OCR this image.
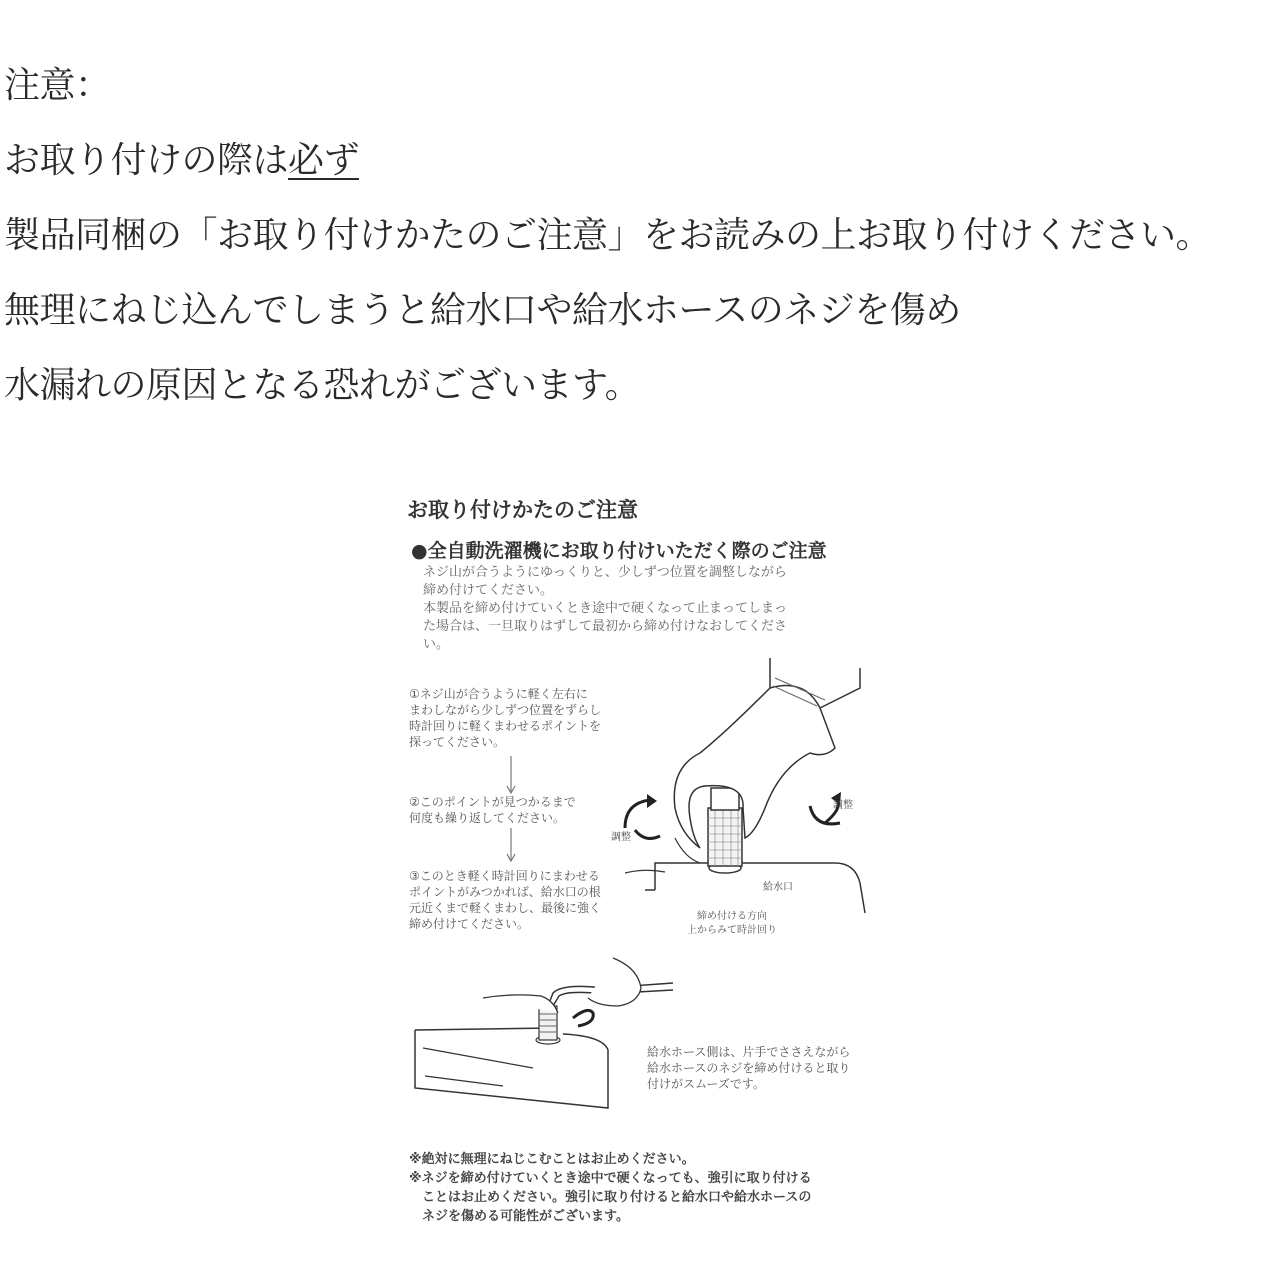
注意：
お取り付けの際は必ず
製品同梱の「お取り付けかたのご注意」をお読みの上お取り付けください。
無理にねじ込んでしまうと給水口や給水ホースのネジを傷め
水漏れの原因となる恐れがございます。
お取り付けかたのご注意
●全自動洗濯機にお取り付けいただく際のご注意
ネジ山が合うようにゆっくりと、少しずつ位置を調整しながら
締め付けてください。
本製品を締め付けていくとき途中で硬くなって止まってしまっ
た場合は、一旦取りはずして最初から締め付けなおしてくださ
い。
①ネジ山が合うように軽く左右に
まわしながら少しずつ位置をずらし
時計回りに軽くまわせるポイントを
探ってください。
②このポイントが見つかるまで
何度も繰り返してください。
③このとき軽く時計回りにまわせる
ポイントがみつかれば、給水口の根
元近くまで軽くまわし、最後に強く
締め付けてください。
調整
調整
給水口
締め付ける方向
上からみて時計回り
給水ホース側は、片手でささえながら
給水ホースのネジを締め付けると取り
付けがスムーズです。
※絶対に無理にねじこむことはお止めください。
※ネジを締め付けていくとき途中で硬くなっても、強引に取り付ける
　ことはお止めください。強引に取り付けると給水口や給水ホースの
　ネジを傷める可能性がございます。
